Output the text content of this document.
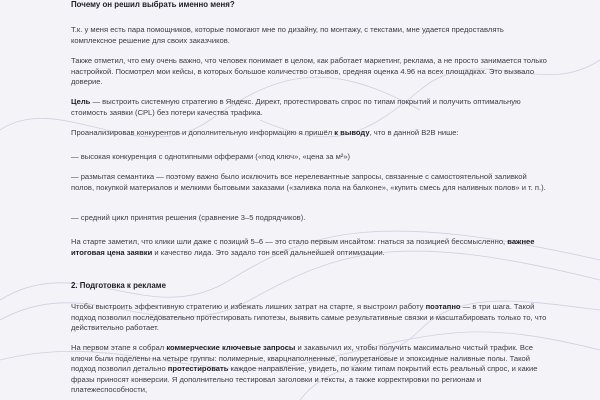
Почему он решил выбрать именно меня?

Т.к. у меня есть пара помощников, которые помогают мне по дизайну, по монтажу, с текстами, мне удается предоставлять комплексное решение для своих заказчиков.

Также отметил, что ему очень важно, что человек понимает в целом, как работает маркетинг, реклама, а не просто занимается только настройкой. Посмотрел мои кейсы, в которых большое количество отзывов, средняя оценка 4.96 на всех площадках. Это вызвало доверие.

Цель — выстроить системную стратегию в Яндекс. Директ, протестировать спрос по типам покрытий и получить оптимальную стоимость заявки (CPL) без потери качества трафика.

Проанализировав конкурентов и дополнительную информацию я пришёл к выводу, что в данной B2B нише:

— высокая конкуренция с однотипными офферами («под ключ», «цена за м²»)

— размытая семантика — поэтому важно было исключить все нерелевантные запросы, связанные с самостоятельной заливкой полов, покупкой материалов и мелкими бытовыми заказами («заливка пола на балконе», «купить смесь для наливных полов» и т. п.).

— средний цикл принятия решения (сравнение 3–5 подрядчиков).

На старте заметил, что клики шли даже с позиций 5–6 — это стало первым инсайтом: гнаться за позицией бессмысленно, важнее итоговая цена заявки и качество лида. Это задало тон всей дальнейшей оптимизации.

2. Подготовка к рекламе

Чтобы выстроить эффективную стратегию и избежать лишних затрат на старте, я выстроил работу поэтапно — в три шага. Такой подход позволил последовательно протестировать гипотезы, выявить самые результативные связки и масштабировать только то, что действительно работает.

На первом этапе я собрал коммерческие ключевые запросы и закавычил их, чтобы получить максимально чистый трафик. Все ключи были поделены на четыре группы: полимерные, кварцнаполненные, полиуретановые и эпоксидные наливные полы. Такой подход позволил детально протестировать каждое направление, увидеть, по каким типам покрытий есть реальный спрос, и какие фразы приносят конверсии. Я дополнительно тестировал заголовки и тексты, а также корректировки по регионам и платежеспособности,
